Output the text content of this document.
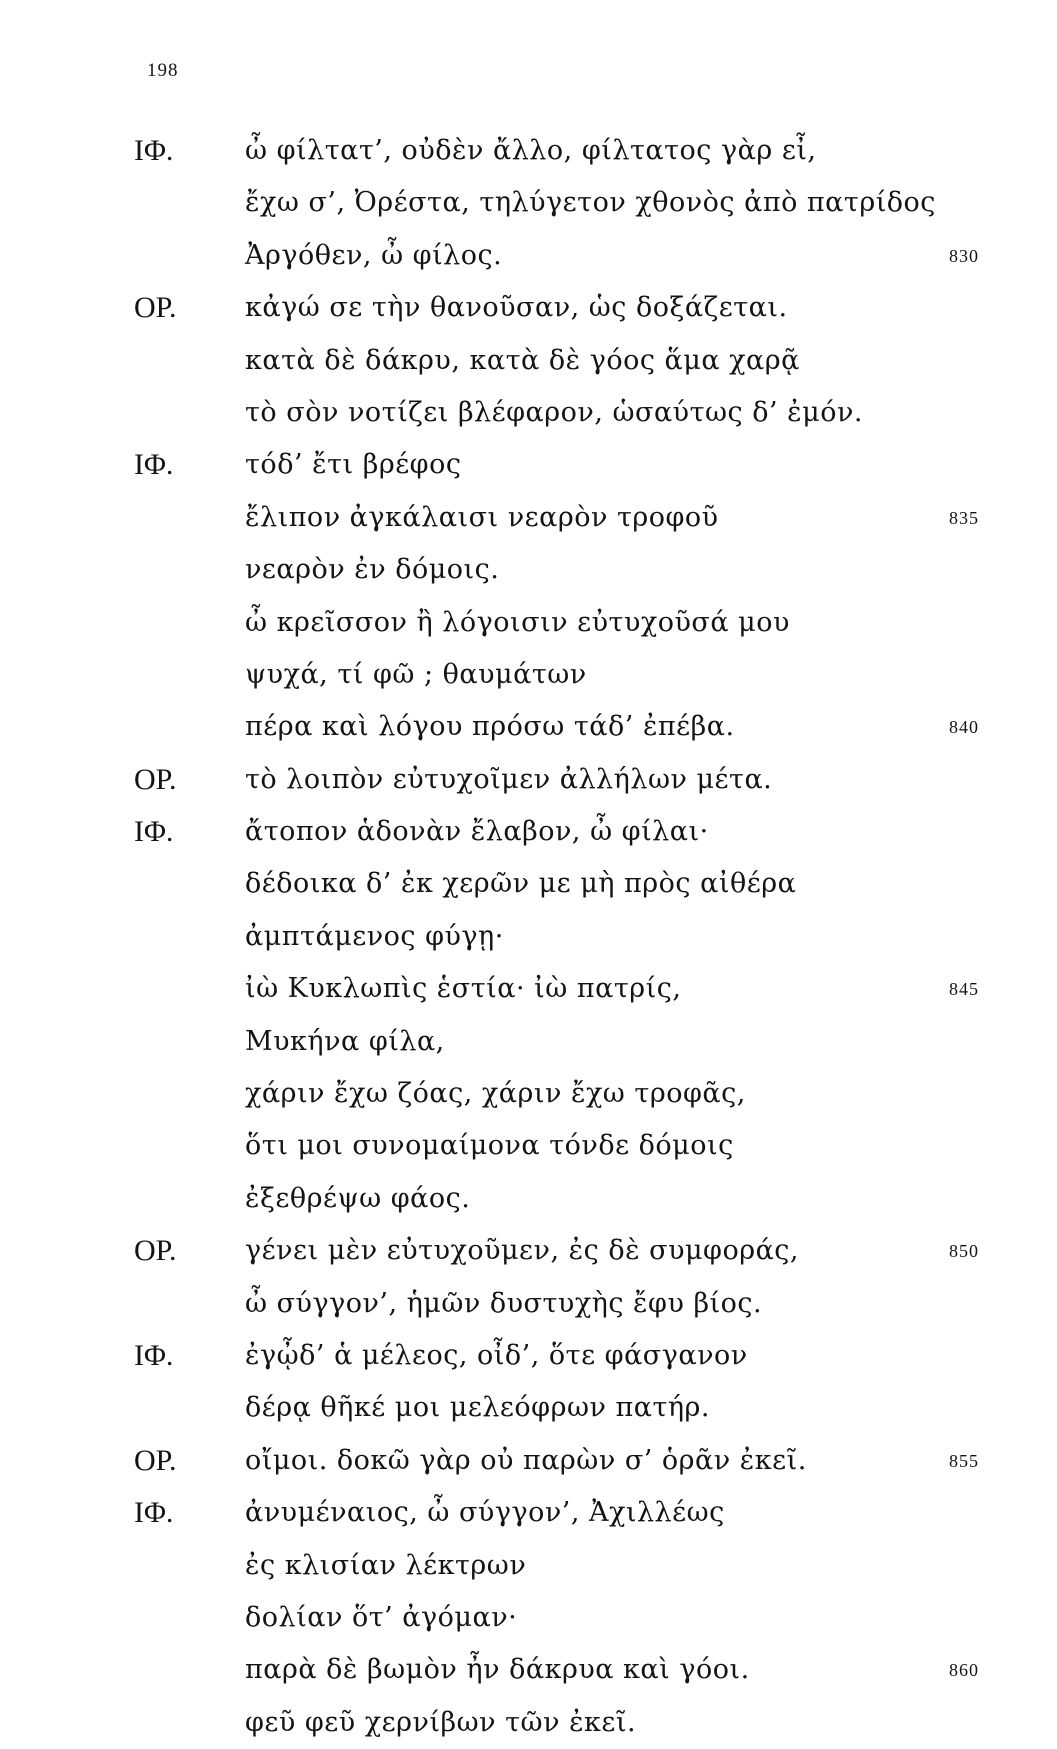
198
ΙΦ.	ὦ φίλτατ’, οὐδὲν ἄλλο, φίλτατος γὰρ εἶ,
ἔχω σ’, Ὀρέστα, τηλύγετον χθονὸς ἀπὸ πατρίδος
Ἀργόθεν, ὦ φίλος.	830
ΟΡ.	κἀγώ σε τὴν θανοῦσαν, ὡς δοξάζεται.
κατὰ δὲ δάκρυ, κατὰ δὲ γόος ἅμα χαρᾷ
τὸ σὸν νοτίζει βλέφαρον, ὡσαύτως δ’ ἐμόν.
ΙΦ.	τόδ’ ἔτι βρέφος
ἔλιπον ἀγκάλαισι νεαρὸν τροφοῦ	835
νεαρὸν ἐν δόμοις.
ὦ κρεῖσσον ἢ λόγοισιν εὐτυχοῦσά μου
ψυχά, τί φῶ ; θαυμάτων
πέρα καὶ λόγου πρόσω τάδ’ ἐπέβα.	840
ΟΡ.	τὸ λοιπὸν εὐτυχοῖμεν ἀλλήλων μέτα.
ΙΦ.	ἄτοπον ἁδονὰν ἔλαβον, ὦ φίλαι·
δέδοικα δ’ ἐκ χερῶν με μὴ πρὸς αἰθέρα
ἀμπτάμενος φύγῃ·
ἰὼ Κυκλωπὶς ἑστία· ἰὼ πατρίς,	845
Μυκήνα φίλα,
χάριν ἔχω ζόας, χάριν ἔχω τροφᾶς,
ὅτι μοι συνομαίμονα τόνδε δόμοις
ἐξεθρέψω φάος.
ΟΡ.	γένει μὲν εὐτυχοῦμεν, ἐς δὲ συμφοράς,	850
ὦ σύγγον’, ἡμῶν δυστυχὴς ἔφυ βίος.
ΙΦ.	ἐγᾦδ’ ἁ μέλεος, οἶδ’, ὅτε φάσγανον
δέρᾳ θῆκέ μοι μελεόφρων πατήρ.
ΟΡ.	οἴμοι. δοκῶ γὰρ οὐ παρὼν σ’ ὁρᾶν ἐκεῖ.	855
ΙΦ.	ἀνυμέναιος, ὦ σύγγον’, Ἀχιλλέως
ἐς κλισίαν λέκτρων
δολίαν ὅτ’ ἀγόμαν·
παρὰ δὲ βωμὸν ἦν δάκρυα καὶ γόοι.	860
φεῦ φεῦ χερνίβων τῶν ἐκεῖ.
